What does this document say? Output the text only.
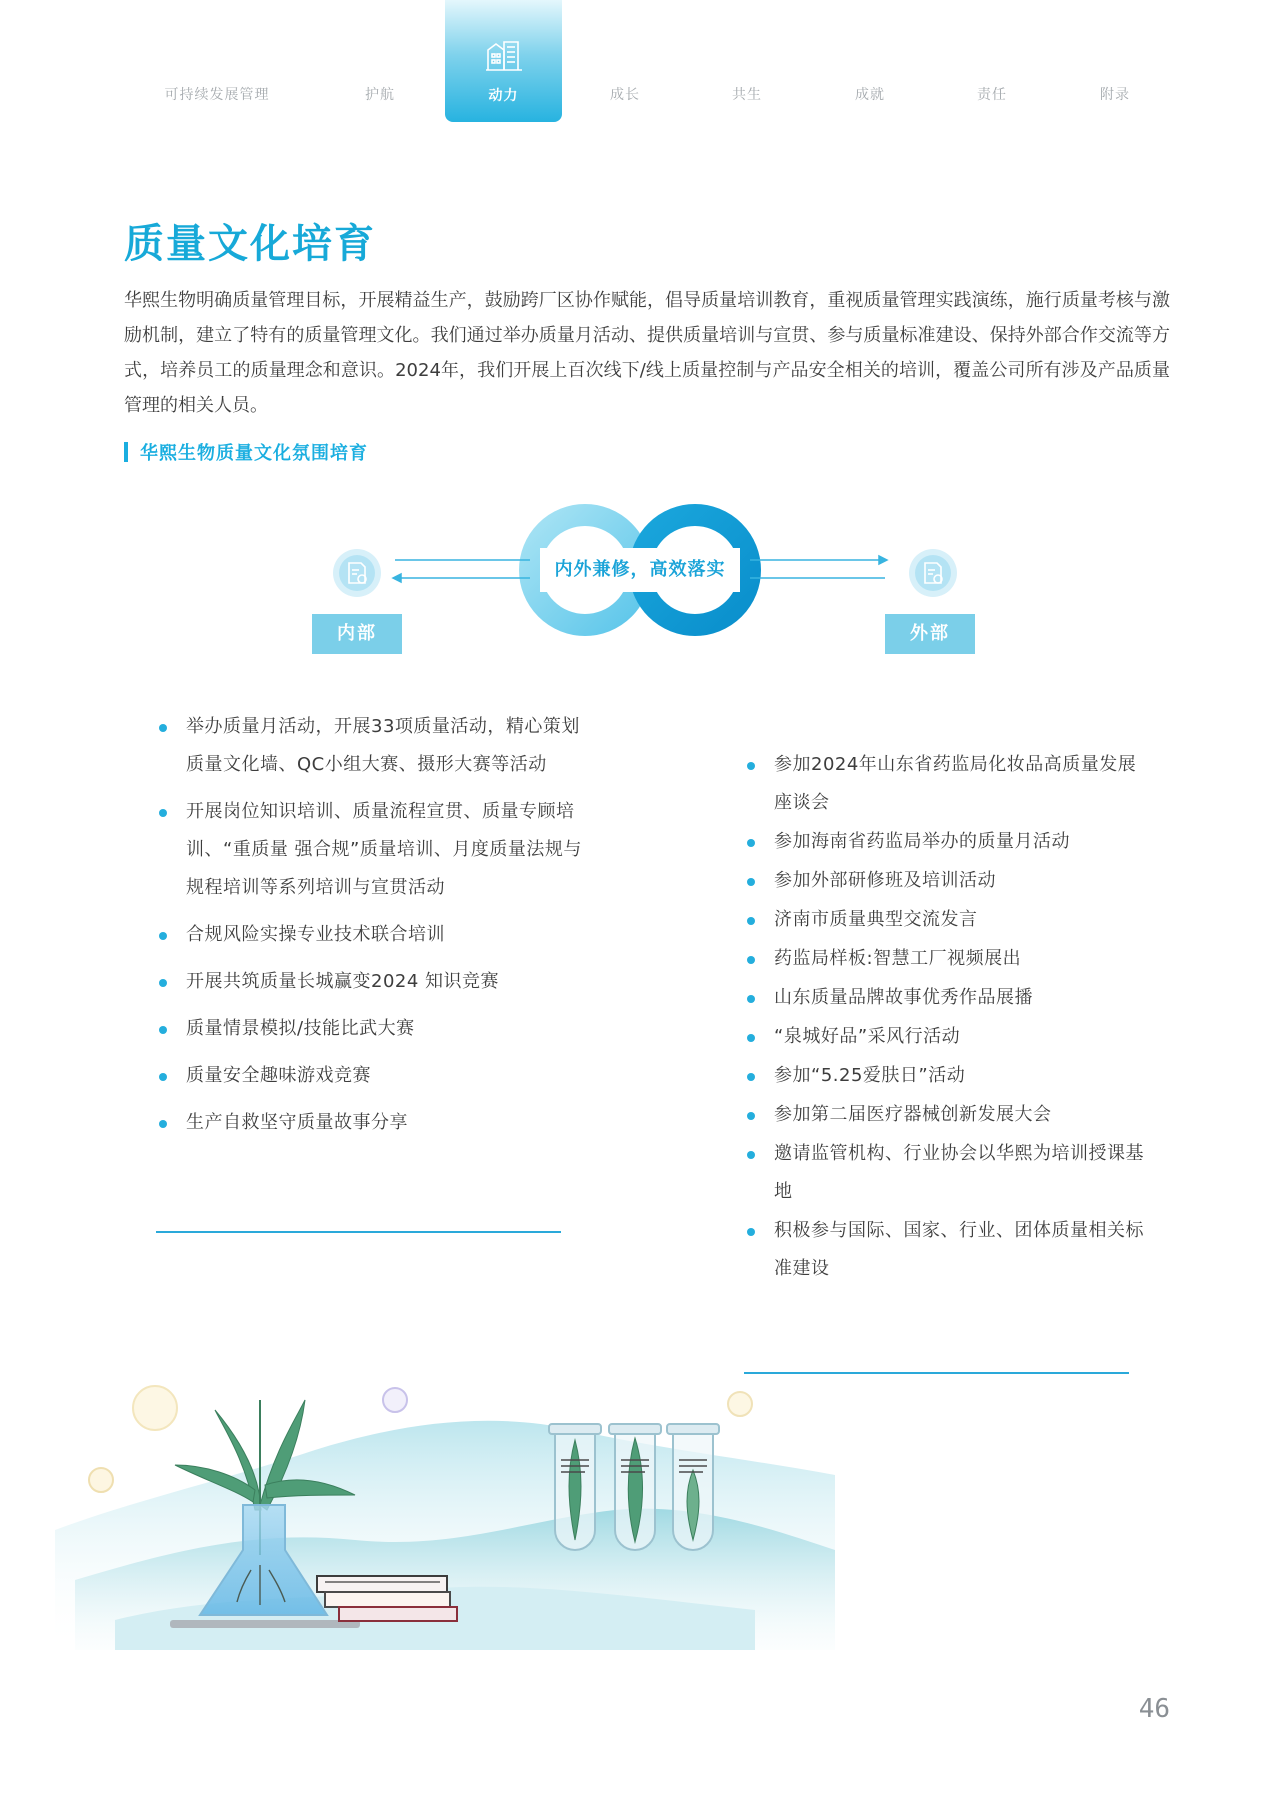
动力
可持续发展管理	护航	成长	共生	成就	责任	附录
质量文化培育

华熙生物明确质量管理目标，开展精益生产，鼓励跨厂区协作赋能，倡导质量培训教育，重视质量管理实践演练，施行质量考核与激励机制，建立了特有的质量管理文化。我们通过举办质量月活动、提供质量培训与宣贯、参与质量标准建设、保持外部合作交流等方式，培养员工的质量理念和意识。2024年，我们开展上百次线下/线上质量控制与产品安全相关的培训，覆盖公司所有涉及产品质量管理的相关人员。

华熙生物质量文化氛围培育
内外兼修，高效落实
内部	外部
举办质量月活动，开展33项质量活动，精心策划质量文化墙、QC小组大赛、摄形大赛等活动
开展岗位知识培训、质量流程宣贯、质量专顾培训、“重质量 强合规”质量培训、月度质量法规与规程培训等系列培训与宣贯活动
合规风险实操专业技术联合培训
开展共筑质量长城赢变2024 知识竞赛
质量情景模拟/技能比武大赛
质量安全趣味游戏竞赛
生产自救坚守质量故事分享
参加2024年山东省药监局化妆品高质量发展座谈会
参加海南省药监局举办的质量月活动
参加外部研修班及培训活动
济南市质量典型交流发言
药监局样板:智慧工厂视频展出
山东质量品牌故事优秀作品展播
“泉城好品”采风行活动
参加“5.25爱肤日”活动
参加第二届医疗器械创新发展大会
邀请监管机构、行业协会以华熙为培训授课基地
积极参与国际、国家、行业、团体质量相关标准建设
46
